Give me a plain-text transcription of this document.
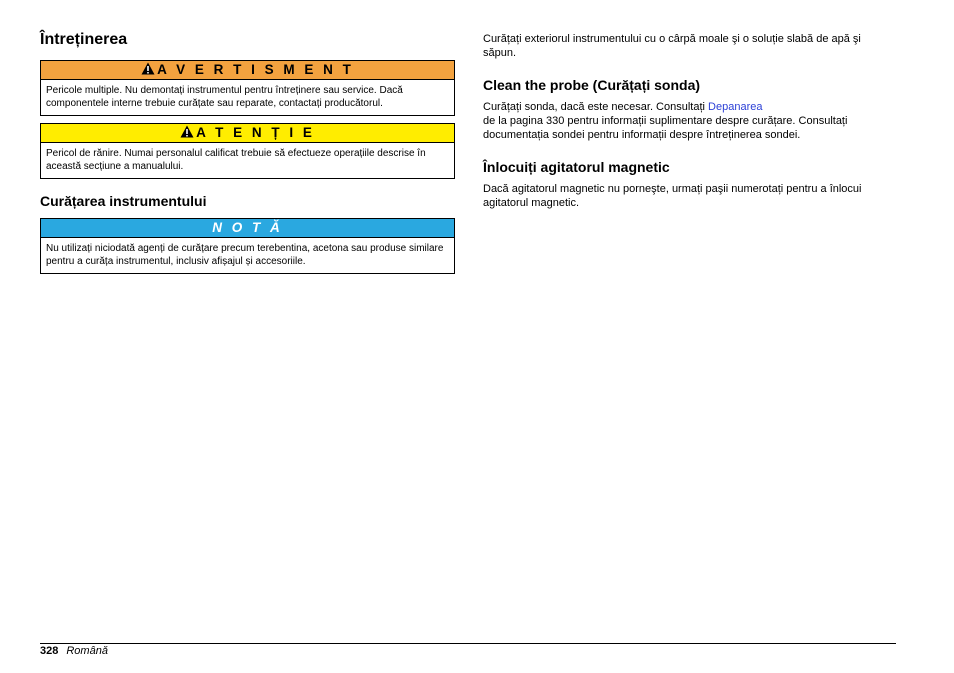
Întreținerea
A V E R T I S M E N T
Pericole multiple. Nu demontați instrumentul pentru întreținere sau service. Dacă componentele interne trebuie curățate sau reparate, contactați producătorul.
A T E N Ț I E
Pericol de rănire. Numai personalul calificat trebuie să efectueze operațiile descrise în această secțiune a manualului.
Curățarea instrumentului
N O T Ă
Nu utilizați niciodată agenți de curățare precum terebentina, acetona sau produse similare pentru a curăța instrumentul, inclusiv afișajul și accesoriile.

Curățați exteriorul instrumentului cu o cârpă moale şi o soluție slabă de apă şi săpun.

Clean the probe (Curățați sonda)

Curățați sonda, dacă este necesar. Consultați Depanarea
de la pagina 330 pentru informații suplimentare despre curățare. Consultați documentația sondei pentru informații despre întreținerea sondei.

Înlocuiți agitatorul magnetic

Dacă agitatorul magnetic nu porneşte, urmați paşii numerotați pentru a înlocui agitatorul magnetic.

328 Română
